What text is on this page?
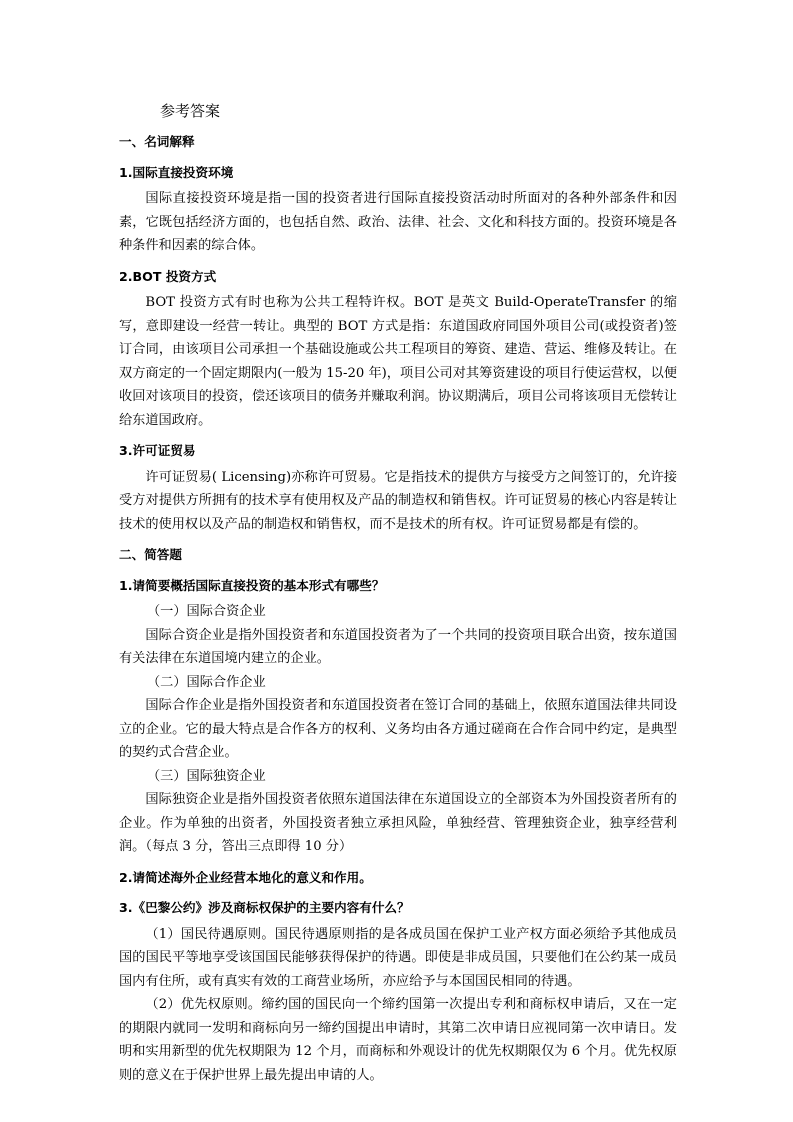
参考答案
一、名词解释
1.国际直接投资环境

国际直接投资环境是指一国的投资者进行国际直接投资活动时所面对的各种外部条件和因素，它既包括经济方面的，也包括自然、政治、法律、社会、文化和科技方面的。投资环境是各种条件和因素的综合体。

2.BOT 投资方式

BOT 投资方式有时也称为公共工程特许权。BOT 是英文 Build-OperateTransfer 的缩写，意即建设一经营一转让。典型的 BOT 方式是指：东道国政府同国外项目公司(或投资者)签订合同，由该项目公司承担一个基础设施或公共工程项目的筹资、建造、营运、维修及转让。在双方商定的一个固定期限内(一般为 15-20 年)，项目公司对其筹资建设的项目行使运营权，以便收回对该项目的投资，偿还该项目的债务并赚取利润。协议期满后，项目公司将该项目无偿转让给东道国政府。

3.许可证贸易

许可证贸易( Licensing)亦称许可贸易。它是指技术的提供方与接受方之间签订的，允许接受方对提供方所拥有的技术享有使用权及产品的制造权和销售权。许可证贸易的核心内容是转让技术的使用权以及产品的制造权和销售权，而不是技术的所有权。许可证贸易都是有偿的。

二、简答题
1.请简要概括国际直接投资的基本形式有哪些？

（一）国际合资企业

国际合资企业是指外国投资者和东道国投资者为了一个共同的投资项目联合出资，按东道国有关法律在东道国境内建立的企业。

（二）国际合作企业

国际合作企业是指外国投资者和东道国投资者在签订合同的基础上，依照东道国法律共同设立的企业。它的最大特点是合作各方的权利、义务均由各方通过磋商在合作合同中约定，是典型的契约式合营企业。

（三）国际独资企业

国际独资企业是指外国投资者依照东道国法律在东道国设立的全部资本为外国投资者所有的企业。作为单独的出资者，外国投资者独立承担风险，单独经营、管理独资企业，独享经营利润。（每点 3 分，答出三点即得 10 分）

2.请简述海外企业经营本地化的意义和作用。
3.《巴黎公约》涉及商标权保护的主要内容有什么？

（1）国民待遇原则。国民待遇原则指的是各成员国在保护工业产权方面必须给予其他成员国的国民平等地享受该国国民能够获得保护的待遇。即使是非成员国，只要他们在公约某一成员国内有住所，或有真实有效的工商营业场所，亦应给予与本国国民相同的待遇。

（2）优先权原则。缔约国的国民向一个缔约国第一次提出专利和商标权申请后，又在一定的期限内就同一发明和商标向另一缔约国提出申请时，其第二次申请日应视同第一次申请日。发明和实用新型的优先权期限为 12 个月，而商标和外观设计的优先权期限仅为 6 个月。优先权原则的意义在于保护世界上最先提出申请的人。
